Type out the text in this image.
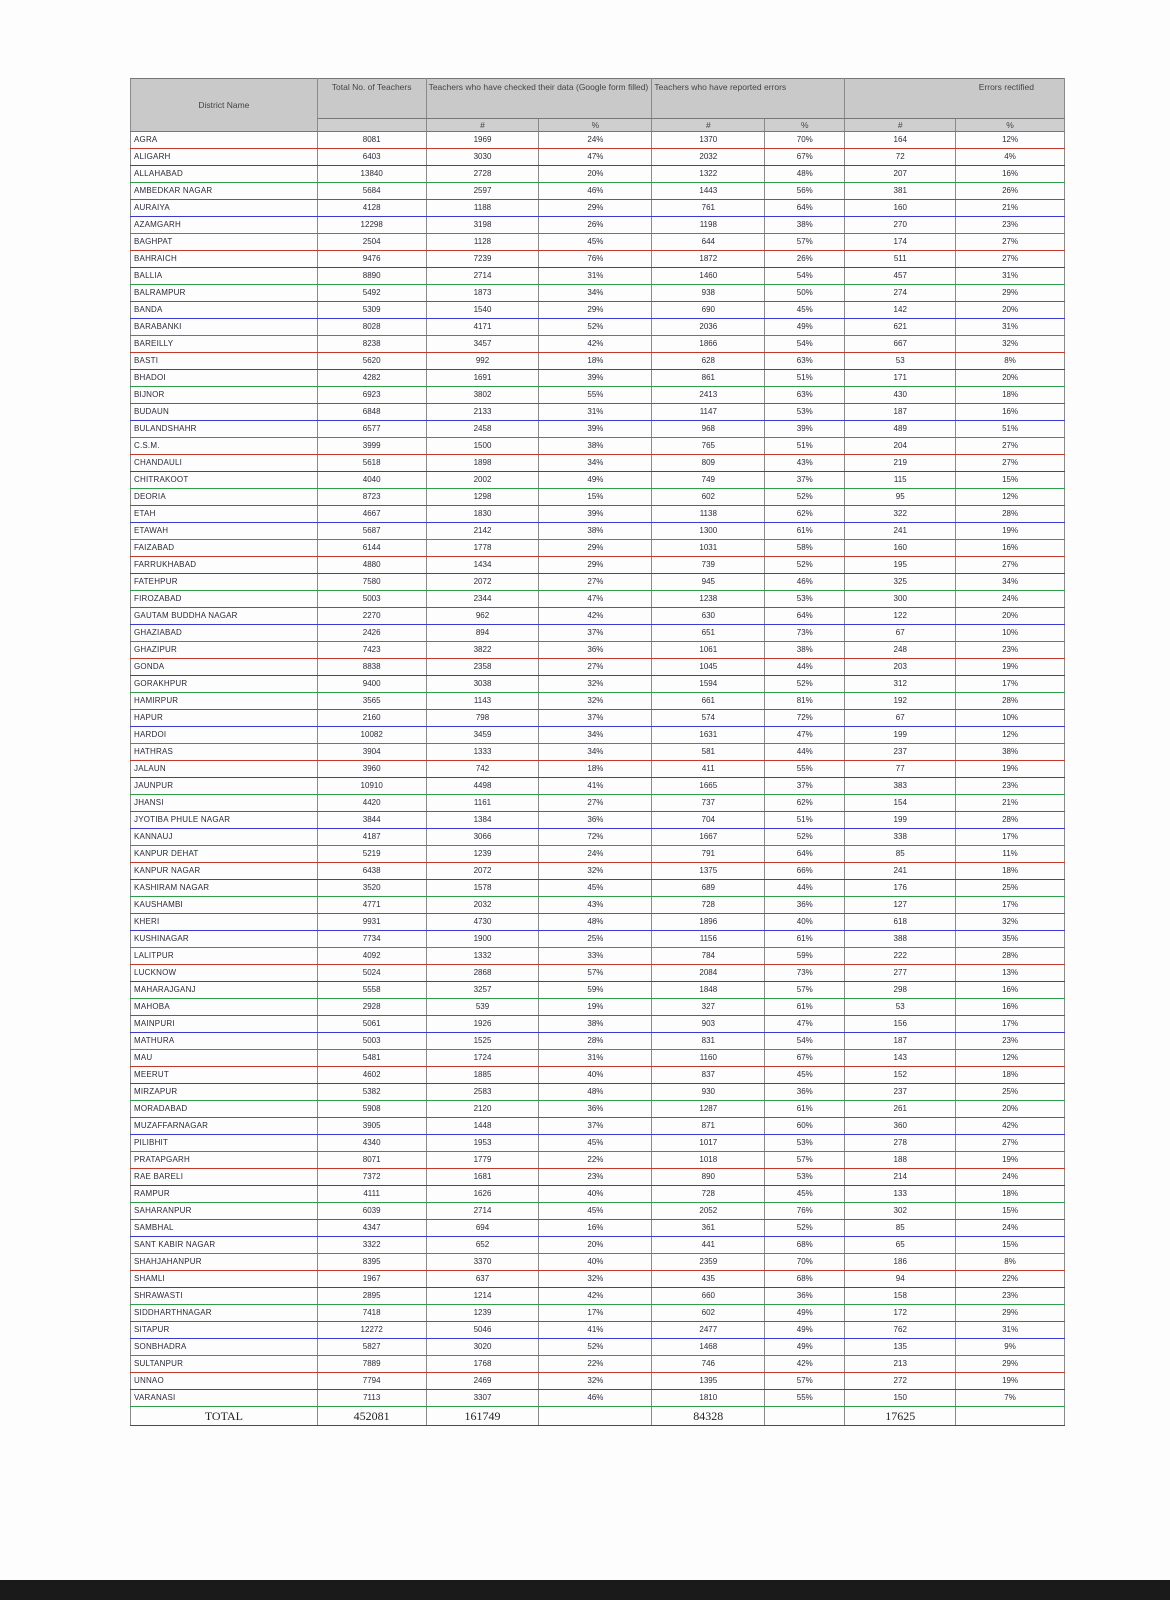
District Name	Total No. of Teachers	Teachers who have checked their data (Google form filled)		Teachers who have reported errors		Errors rectified	
		#	%	#	%	#	%
AGRA	8081	1969	24%	1370	70%	164	12%
ALIGARH	6403	3030	47%	2032	67%	72	4%
ALLAHABAD	13840	2728	20%	1322	48%	207	16%
AMBEDKAR NAGAR	5684	2597	46%	1443	56%	381	26%
AURAIYA	4128	1188	29%	761	64%	160	21%
AZAMGARH	12298	3198	26%	1198	38%	270	23%
BAGHPAT	2504	1128	45%	644	57%	174	27%
BAHRAICH	9476	7239	76%	1872	26%	511	27%
BALLIA	8890	2714	31%	1460	54%	457	31%
BALRAMPUR	5492	1873	34%	938	50%	274	29%
BANDA	5309	1540	29%	690	45%	142	20%
BARABANKI	8028	4171	52%	2036	49%	621	31%
BAREILLY	8238	3457	42%	1866	54%	667	32%
BASTI	5620	992	18%	628	63%	53	8%
BHADOI	4282	1691	39%	861	51%	171	20%
BIJNOR	6923	3802	55%	2413	63%	430	18%
BUDAUN	6848	2133	31%	1147	53%	187	16%
BULANDSHAHR	6577	2458	39%	968	39%	489	51%
C.S.M.	3999	1500	38%	765	51%	204	27%
CHANDAULI	5618	1898	34%	809	43%	219	27%
CHITRAKOOT	4040	2002	49%	749	37%	115	15%
DEORIA	8723	1298	15%	602	52%	95	12%
ETAH	4667	1830	39%	1138	62%	322	28%
ETAWAH	5687	2142	38%	1300	61%	241	19%
FAIZABAD	6144	1778	29%	1031	58%	160	16%
FARRUKHABAD	4880	1434	29%	739	52%	195	27%
FATEHPUR	7580	2072	27%	945	46%	325	34%
FIROZABAD	5003	2344	47%	1238	53%	300	24%
GAUTAM BUDDHA NAGAR	2270	962	42%	630	64%	122	20%
GHAZIABAD	2426	894	37%	651	73%	67	10%
GHAZIPUR	7423	3822	36%	1061	38%	248	23%
GONDA	8838	2358	27%	1045	44%	203	19%
GORAKHPUR	9400	3038	32%	1594	52%	312	17%
HAMIRPUR	3565	1143	32%	661	81%	192	28%
HAPUR	2160	798	37%	574	72%	67	10%
HARDOI	10082	3459	34%	1631	47%	199	12%
HATHRAS	3904	1333	34%	581	44%	237	38%
JALAUN	3960	742	18%	411	55%	77	19%
JAUNPUR	10910	4498	41%	1665	37%	383	23%
JHANSI	4420	1161	27%	737	62%	154	21%
JYOTIBA PHULE NAGAR	3844	1384	36%	704	51%	199	28%
KANNAUJ	4187	3066	72%	1667	52%	338	17%
KANPUR DEHAT	5219	1239	24%	791	64%	85	11%
KANPUR NAGAR	6438	2072	32%	1375	66%	241	18%
KASHIRAM NAGAR	3520	1578	45%	689	44%	176	25%
KAUSHAMBI	4771	2032	43%	728	36%	127	17%
KHERI	9931	4730	48%	1896	40%	618	32%
KUSHINAGAR	7734	1900	25%	1156	61%	388	35%
LALITPUR	4092	1332	33%	784	59%	222	28%
LUCKNOW	5024	2868	57%	2084	73%	277	13%
MAHARAJGANJ	5558	3257	59%	1848	57%	298	16%
MAHOBA	2928	539	19%	327	61%	53	16%
MAINPURI	5061	1926	38%	903	47%	156	17%
MATHURA	5003	1525	28%	831	54%	187	23%
MAU	5481	1724	31%	1160	67%	143	12%
MEERUT	4602	1885	40%	837	45%	152	18%
MIRZAPUR	5382	2583	48%	930	36%	237	25%
MORADABAD	5908	2120	36%	1287	61%	261	20%
MUZAFFARNAGAR	3905	1448	37%	871	60%	360	42%
PILIBHIT	4340	1953	45%	1017	53%	278	27%
PRATAPGARH	8071	1779	22%	1018	57%	188	19%
RAE BARELI	7372	1681	23%	890	53%	214	24%
RAMPUR	4111	1626	40%	728	45%	133	18%
SAHARANPUR	6039	2714	45%	2052	76%	302	15%
SAMBHAL	4347	694	16%	361	52%	85	24%
SANT KABIR NAGAR	3322	652	20%	441	68%	65	15%
SHAHJAHANPUR	8395	3370	40%	2359	70%	186	8%
SHAMLI	1967	637	32%	435	68%	94	22%
SHRAWASTI	2895	1214	42%	660	36%	158	23%
SIDDHARTHNAGAR	7418	1239	17%	602	49%	172	29%
SITAPUR	12272	5046	41%	2477	49%	762	31%
SONBHADRA	5827	3020	52%	1468	49%	135	9%
SULTANPUR	7889	1768	22%	746	42%	213	29%
UNNAO	7794	2469	32%	1395	57%	272	19%
VARANASI	7113	3307	46%	1810	55%	150	7%
TOTAL	452081	161749		84328		17625	
